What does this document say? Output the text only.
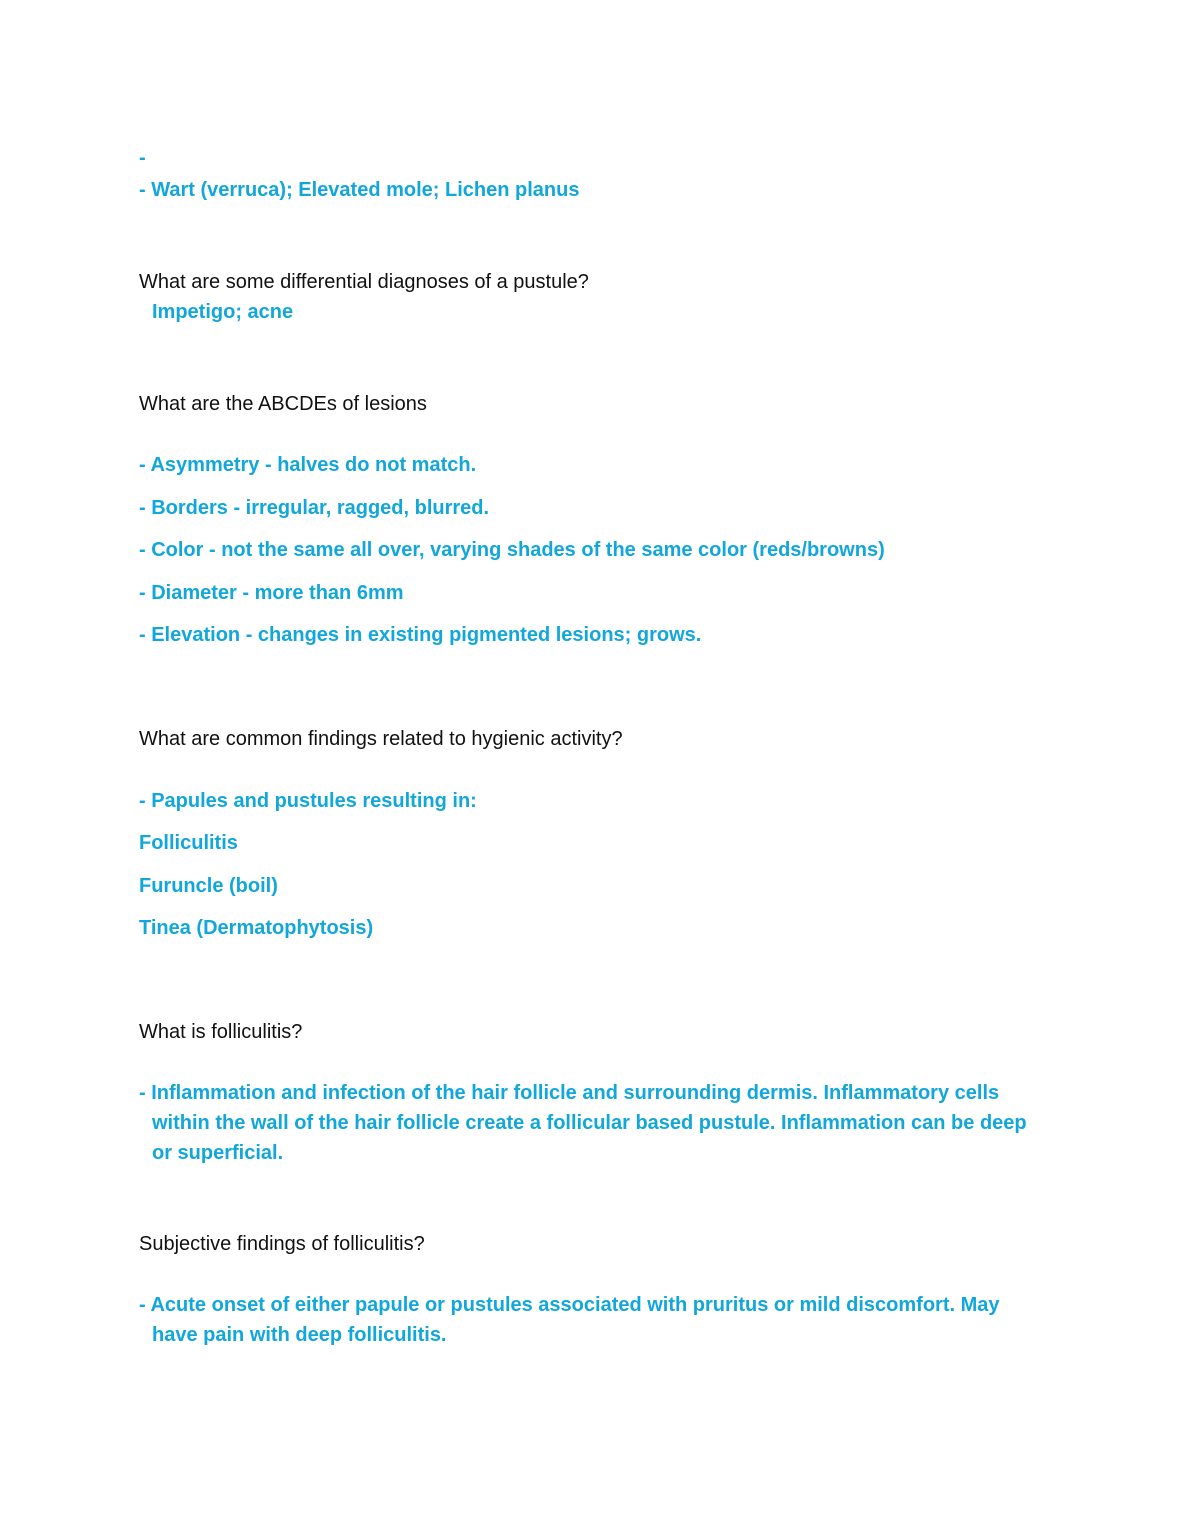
-
- Wart (verruca); Elevated mole; Lichen planus
What are some differential diagnoses of a pustule?
Impetigo; acne
What are the ABCDEs of lesions
- Asymmetry - halves do not match.
- Borders - irregular, ragged, blurred.
- Color - not the same all over, varying shades of the same color (reds/browns)
- Diameter - more than 6mm
- Elevation - changes in existing pigmented lesions; grows.
What are common findings related to hygienic activity?
- Papules and pustules resulting in:
Folliculitis
Furuncle (boil)
Tinea (Dermatophytosis)
What is folliculitis?
- Inflammation and infection of the hair follicle and surrounding dermis. Inflammatory cells within the wall of the hair follicle create a follicular based pustule. Inflammation can be deep or superficial.
Subjective findings of folliculitis?
- Acute onset of either papule or pustules associated with pruritus or mild discomfort. May have pain with deep folliculitis.
